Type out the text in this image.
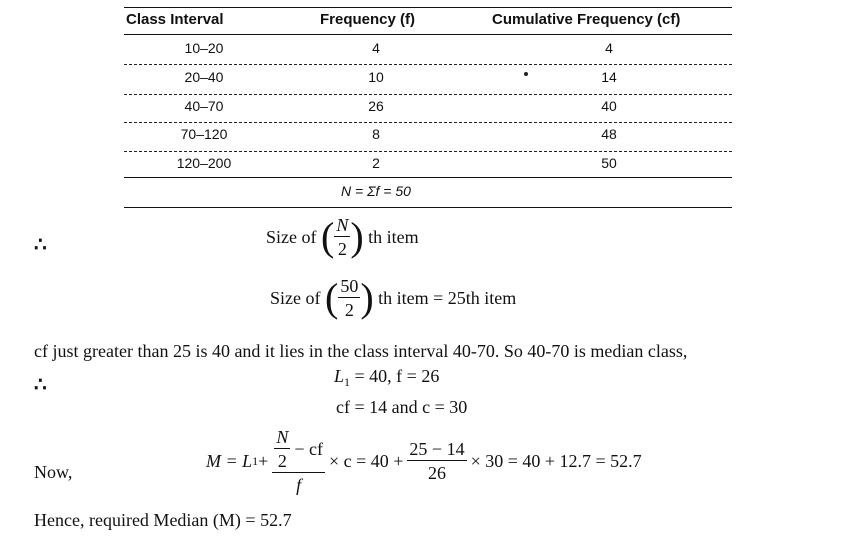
Class Interval	Frequency (f)	Cumulative Frequency (cf)
10–20	4	4
20–40	10	14
40–70	26	40
70–120	8	48
120–200	2	50
N = Σf = 50
∴	Size of ( $\frac{N}{2}$ ) th item
Size of ( $\frac{50}{2}$ ) th item = 25th item
cf just greater than 25 is 40 and it lies in the class interval 40-70. So 40-70 is median class,
∴	$L_1 = 40$, f = 26
cf = 14 and c = 30
Now,
M = L $1 + \frac{\frac{N}{2} - cf}{f} \times c = 40 + \frac{25 - 14}{26} \times 30 = 40 + 12.7 = 52.7$
Hence, required Median (M) = 52.7
